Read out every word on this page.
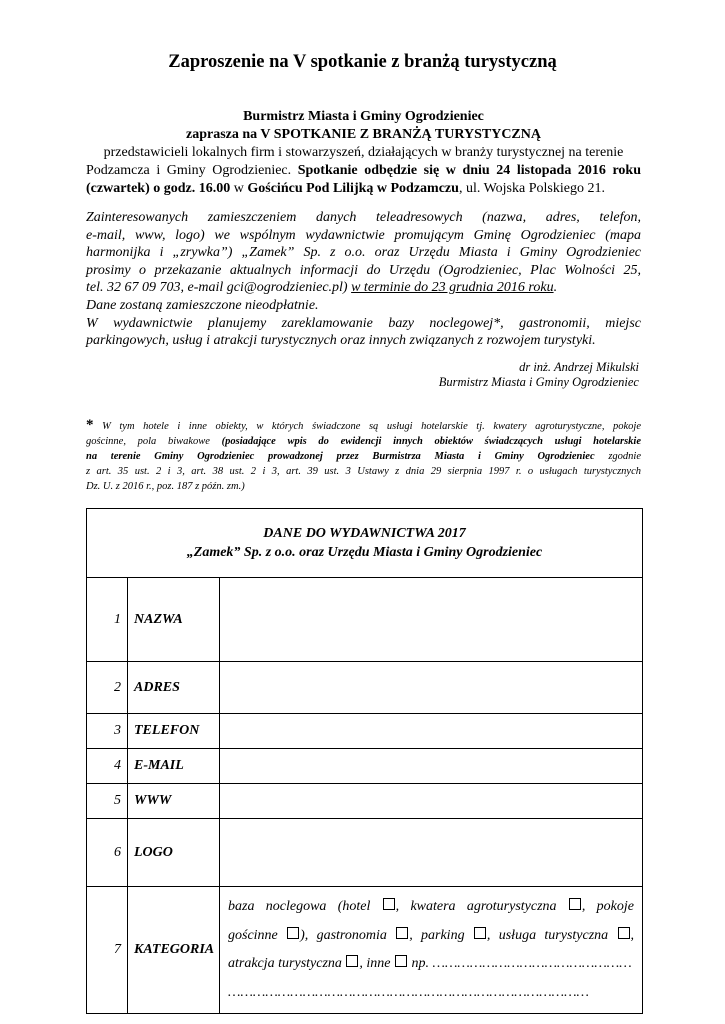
Zaproszenie na V spotkanie z branżą turystyczną
Burmistrz Miasta i Gminy Ogrodzieniec
zaprasza na V SPOTKANIE Z BRANŻĄ TURYSTYCZNĄ
przedstawicieli lokalnych firm i stowarzyszeń, działających w branży turystycznej na terenie
Podzamcza i Gminy Ogrodzieniec. Spotkanie odbędzie się w dniu 24 listopada 2016 roku
(czwartek) o godz. 16.00 w Gościńcu Pod Lilijką w Podzamczu, ul. Wojska Polskiego 21.
Zainteresowanych zamieszczeniem danych teleadresowych (nazwa, adres, telefon,
e-mail, www, logo) we wspólnym wydawnictwie promującym Gminę Ogrodzieniec (mapa
harmonijka i „zrywka”) „Zamek” Sp. z o.o. oraz Urzędu Miasta i Gminy Ogrodzieniec
prosimy o przekazanie aktualnych informacji do Urzędu (Ogrodzieniec, Plac Wolności 25,
tel. 32 67 09 703, e-mail gci@ogrodzieniec.pl) w terminie do 23 grudnia 2016 roku.
Dane zostaną zamieszczone nieodpłatnie.
W wydawnictwie planujemy zareklamowanie bazy noclegowej*, gastronomii, miejsc
parkingowych, usług i atrakcji turystycznych oraz innych związanych z rozwojem turystyki.
dr inż. Andrzej Mikulski
Burmistrz Miasta i Gminy Ogrodzieniec
* W tym hotele i inne obiekty, w których świadczone są usługi hotelarskie tj. kwatery agroturystyczne, pokoje
gościnne, pola biwakowe (posiadające wpis do ewidencji innych obiektów świadczących usługi hotelarskie
na terenie Gminy Ogrodzieniec prowadzonej przez Burmistrza Miasta i Gminy Ogrodzieniec zgodnie
z art. 35 ust. 2 i 3, art. 38 ust. 2 i 3, art. 39 ust. 3 Ustawy z dnia 29 sierpnia 1997 r. o usługach turystycznych
Dz. U. z 2016 r., poz. 187 z późn. zm.)
DANE DO WYDAWNICTWA 2017
„Zamek” Sp. z o.o. oraz Urzędu Miasta i Gminy Ogrodzieniec		

1	NAZWA	
2	ADRES	
3	TELEFON	
4	E-MAIL	
5	WWW	
6	LOGO	
7	KATEGORIA	baza noclegowa (hotel , kwatera agroturystyczna , pokoje
gościnne ), gastronomia , parking , usługa turystyczna ,
atrakcja turystyczna , inne  np. …………………………………………
……………………………………………………………………………
